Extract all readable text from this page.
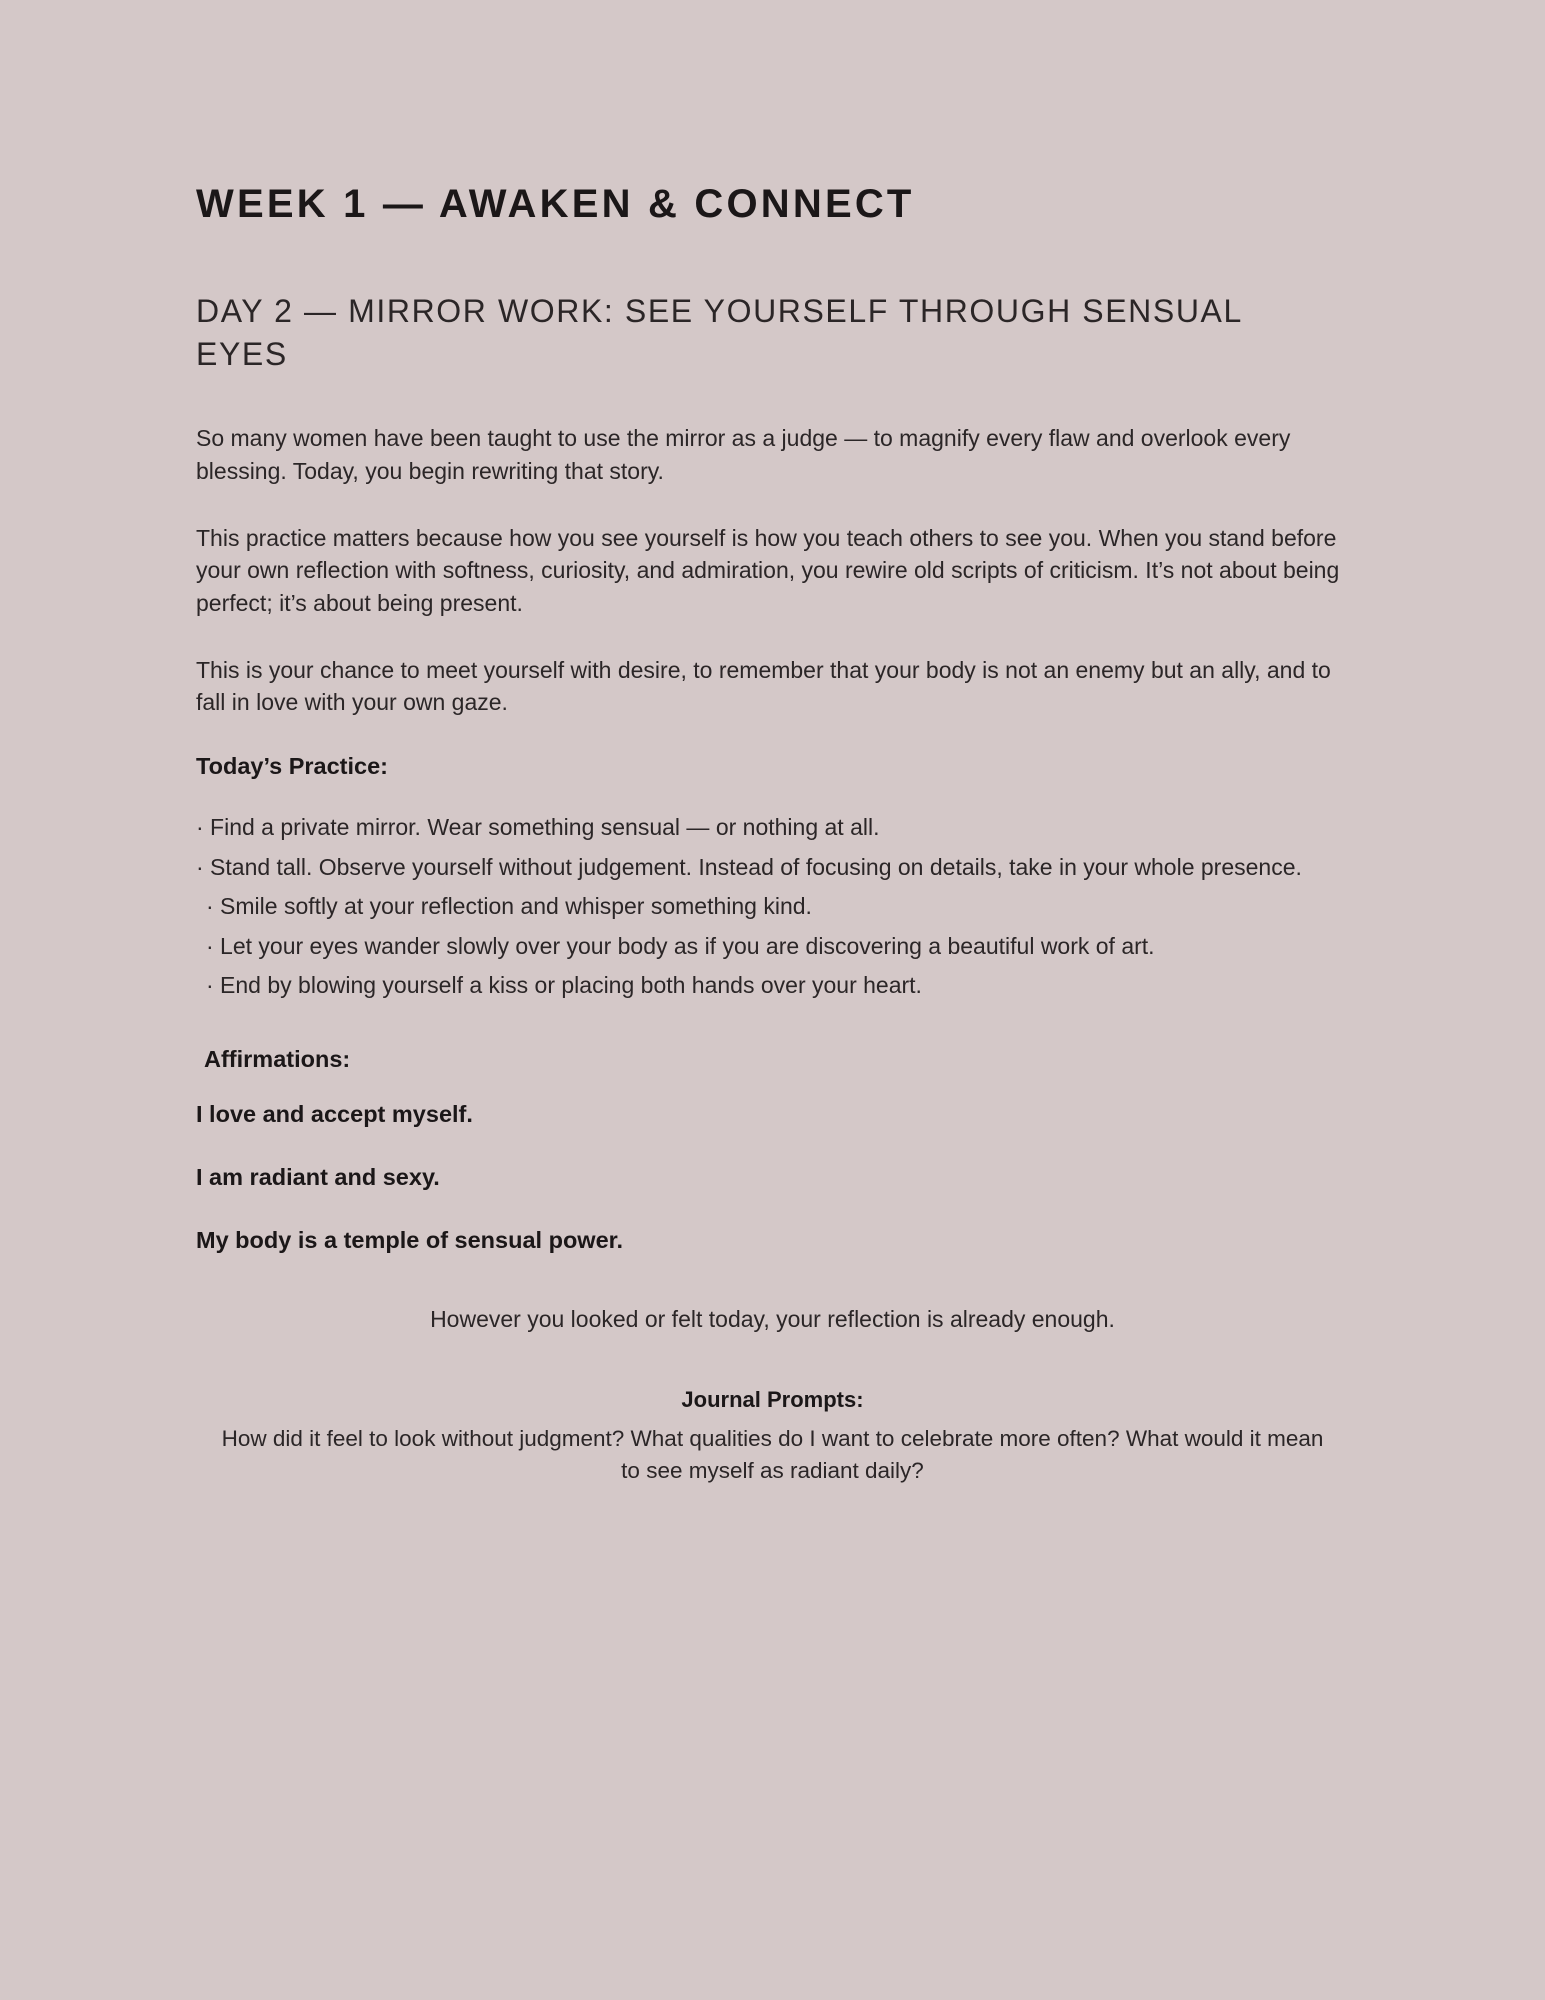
WEEK 1 — AWAKEN & CONNECT
DAY 2 — MIRROR WORK: SEE YOURSELF THROUGH SENSUAL EYES

So many women have been taught to use the mirror as a judge — to magnify every flaw and overlook every blessing. Today, you begin rewriting that story.

This practice matters because how you see yourself is how you teach others to see you. When you stand before your own reflection with softness, curiosity, and admiration, you rewire old scripts of criticism. It’s not about being perfect; it’s about being present.

This is your chance to meet yourself with desire, to remember that your body is not an enemy but an ally, and to fall in love with your own gaze.

Today’s Practice:
· Find a private mirror. Wear something sensual — or nothing at all.
· Stand tall. Observe yourself without judgement. Instead of focusing on details, take in your whole presence.
· Smile softly at your reflection and whisper something kind.
· Let your eyes wander slowly over your body as if you are discovering a beautiful work of art.
· End by blowing yourself a kiss or placing both hands over your heart.
Affirmations:
I love and accept myself.
I am radiant and sexy.
My body is a temple of sensual power.
However you looked or felt today, your reflection is already enough.
Journal Prompts:
How did it feel to look without judgment? What qualities do I want to celebrate more often? What would it mean to see myself as radiant daily?
